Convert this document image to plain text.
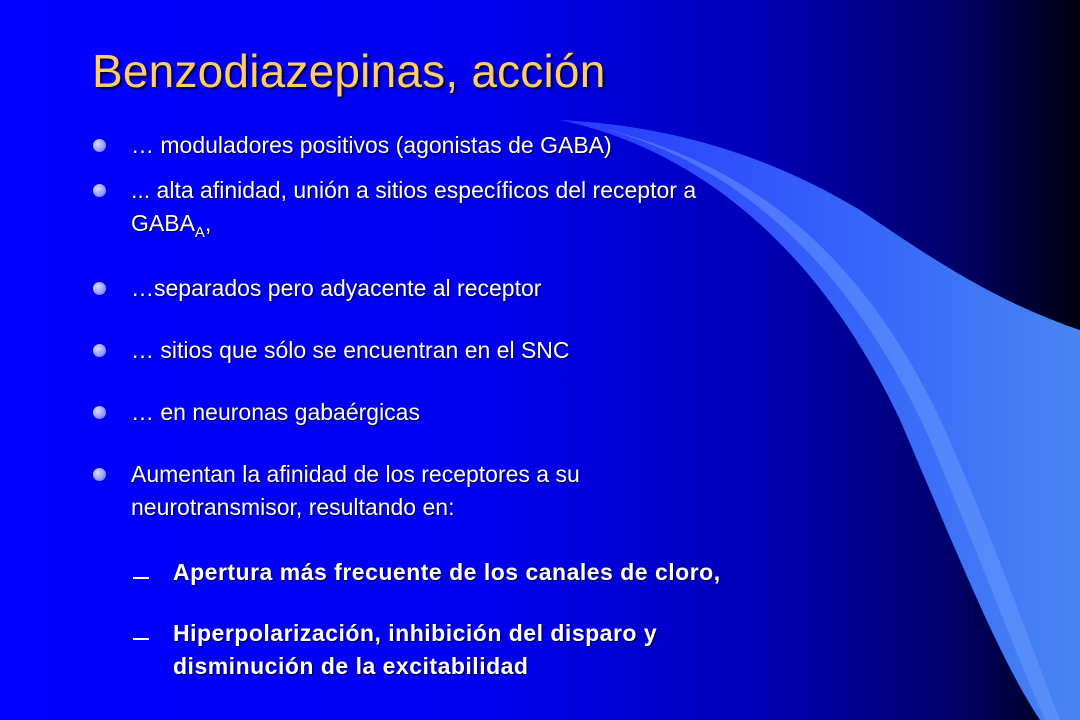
Benzodiazepinas, acción
… moduladores positivos (agonistas de GABA)
... alta afinidad, unión a sitios específicos del receptor a
$GABA_A$,
…separados pero adyacente al receptor
… sitios que sólo se encuentran en el SNC
… en neuronas gabaérgicas
Aumentan la afinidad de los receptores a su
neurotransmisor, resultando en:
Apertura más frecuente de los canales de cloro,
Hiperpolarización, inhibición del disparo y
disminución de la excitabilidad
